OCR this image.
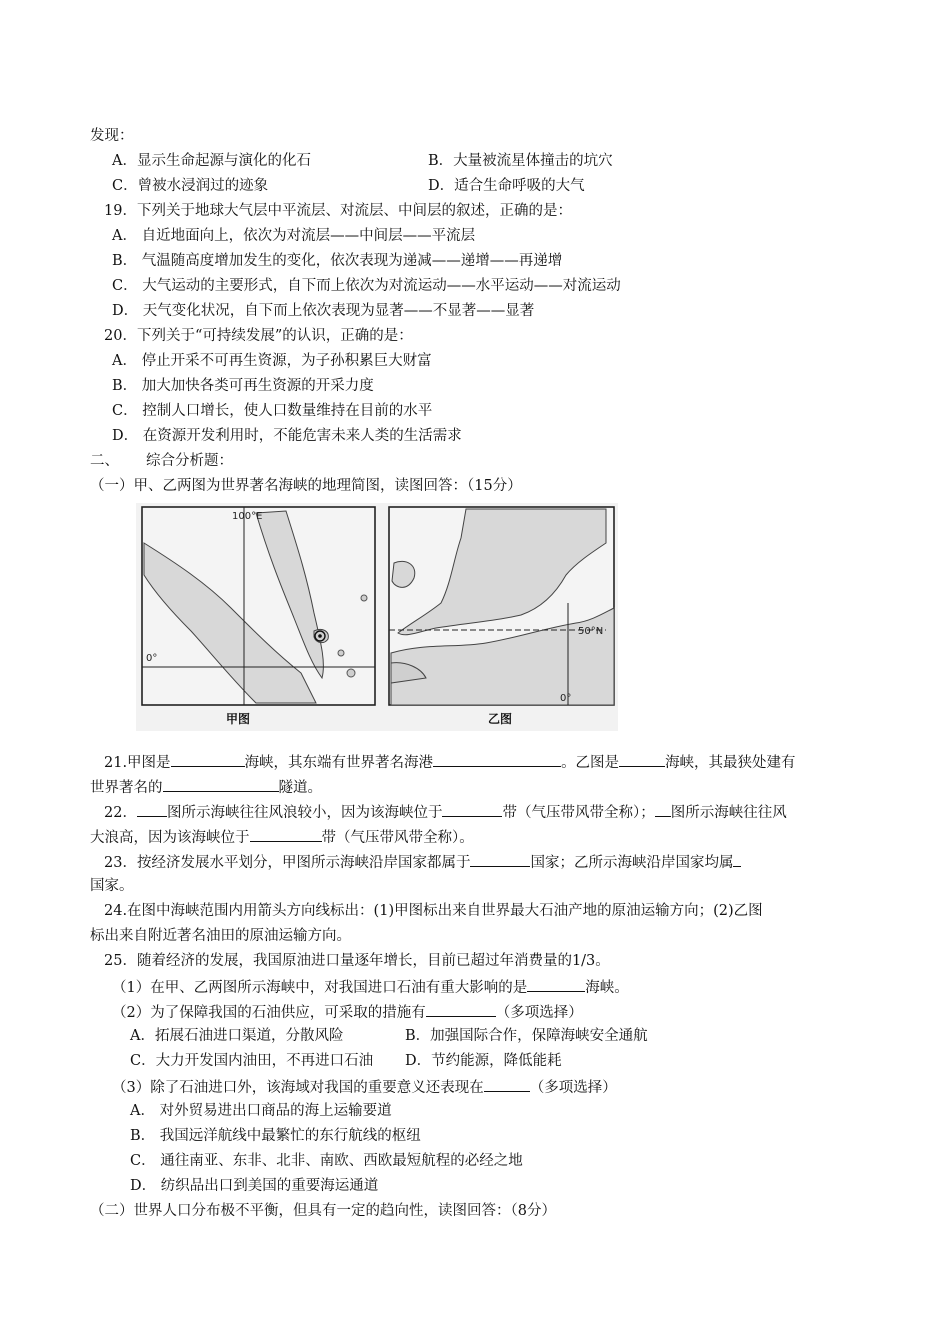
发现：
A．显示生命起源与演化的化石	B．大量被流星体撞击的坑穴
C．曾被水浸润过的迹象	D．适合生命呼吸的大气
19．下列关于地球大气层中平流层、对流层、中间层的叙述，正确的是：
A． 自近地面向上，依次为对流层——中间层——平流层
B． 气温随高度增加发生的变化，依次表现为递减——递增——再递增
C． 大气运动的主要形式，自下而上依次为对流运动——水平运动——对流运动
D． 天气变化状况，自下而上依次表现为显著——不显著——显著
20．下列关于“可持续发展”的认识，正确的是：
A． 停止开采不可再生资源，为子孙积累巨大财富
B． 加大加快各类可再生资源的开采力度
C． 控制人口增长，使人口数量维持在目前的水平
D． 在资源开发利用时，不能危害未来人类的生活需求
二、 综合分析题：
（一）甲、乙两图为世界著名海峡的地理简图，读图回答：（15分）
100°E
0°
甲图
50°N
0°
乙图
21.甲图是	海峡，其东端有世界著名海港	。乙图是	海峡，其最狭处建有
世界著名的	隧道。
22． 图所示海峡往往风浪较小，因为该海峡位于	带（气压带风带全称）； 图所示海峡往往风
大浪高，因为该海峡位于	带（气压带风带全称）。
23．按经济发展水平划分，甲图所示海峡沿岸国家都属于	国家；乙所示海峡沿岸国家均属
国家。
24.在图中海峡范围内用箭头方向线标出：(1)甲图标出来自世界最大石油产地的原油运输方向；(2)乙图
标出来自附近著名油田的原油运输方向。
25．随着经济的发展，我国原油进口量逐年增长，目前已超过年消费量的1/3。
（1）在甲、乙两图所示海峡中，对我国进口石油有重大影响的是	海峡。
（2）为了保障我国的石油供应，可采取的措施有	（多项选择）
A．拓展石油进口渠道，分散风险	B．加强国际合作，保障海峡安全通航
C．大力开发国内油田，不再进口石油 D．节约能源，降低能耗
（3）除了石油进口外，该海域对我国的重要意义还表现在	（多项选择）
A． 对外贸易进出口商品的海上运输要道
B． 我国远洋航线中最繁忙的东行航线的枢纽
C． 通往南亚、东非、北非、南欧、西欧最短航程的必经之地
D． 纺织品出口到美国的重要海运通道
（二）世界人口分布极不平衡，但具有一定的趋向性，读图回答：（8分）
